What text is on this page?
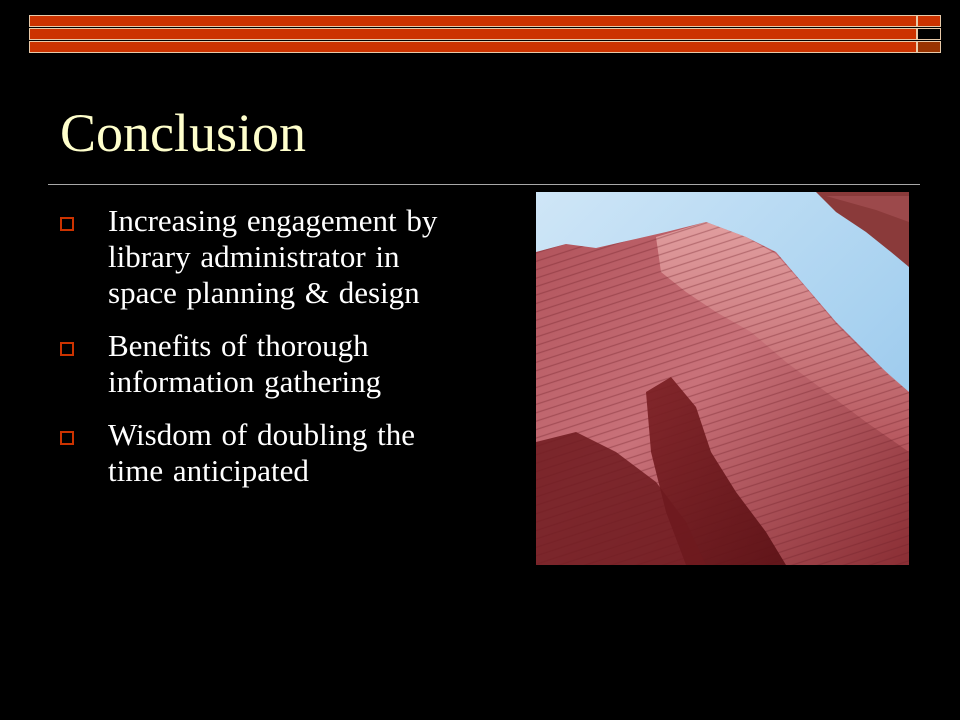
Conclusion
Increasing engagement by library administrator in space planning & design
Benefits of thorough information gathering
Wisdom of doubling the time anticipated
